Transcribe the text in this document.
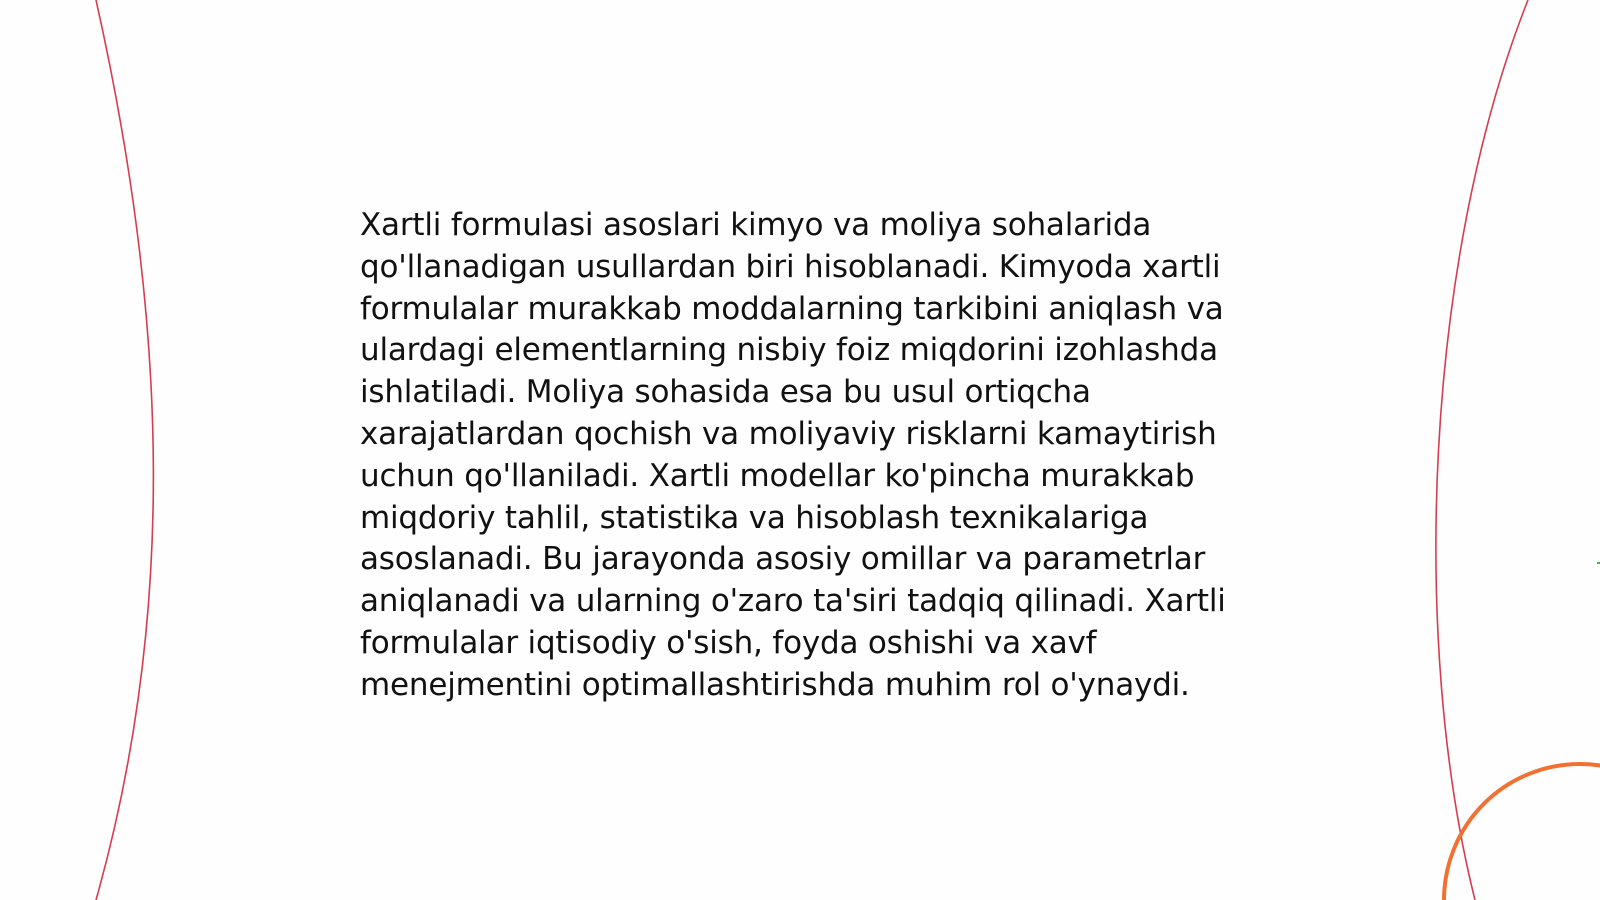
Xartli formulasi asoslari kimyo va moliya sohalarida qo'llanadigan usullardan biri hisoblanadi. Kimyoda xartli formulalar murakkab moddalarning tarkibini aniqlash va ulardagi elementlarning nisbiy foiz miqdorini izohlashda ishlatiladi. Moliya sohasida esa bu usul ortiqcha xarajatlardan qochish va moliyaviy risklarni kamaytirish uchun qo'llaniladi. Xartli modellar ko'pincha murakkab miqdoriy tahlil, statistika va hisoblash texnikalariga asoslanadi. Bu jarayonda asosiy omillar va parametrlar aniqlanadi va ularning o'zaro ta'siri tadqiq qilinadi. Xartli formulalar iqtisodiy o'sish, foyda oshishi va xavf menejmentini optimallashtirishda muhim rol o'ynaydi.
